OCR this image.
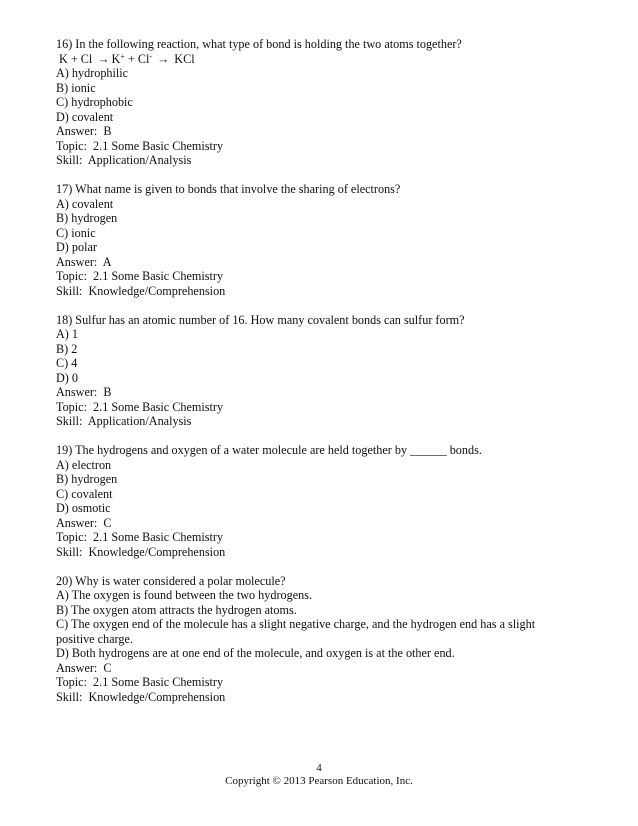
16) In the following reaction, what type of bond is holding the two atoms together?

K + Cl → K+ + Cl- → KCl

A) hydrophilic

B) ionic

C) hydrophobic

D) covalent

Answer:  B

Topic:  2.1 Some Basic Chemistry

Skill:  Application/Analysis

17) What name is given to bonds that involve the sharing of electrons?

A) covalent

B) hydrogen

C) ionic

D) polar

Answer:  A

Topic:  2.1 Some Basic Chemistry

Skill:  Knowledge/Comprehension

18) Sulfur has an atomic number of 16. How many covalent bonds can sulfur form?

A) 1

B) 2

C) 4

D) 0

Answer:  B

Topic:  2.1 Some Basic Chemistry

Skill:  Application/Analysis

19) The hydrogens and oxygen of a water molecule are held together by ______ bonds.

A) electron

B) hydrogen

C) covalent

D) osmotic

Answer:  C

Topic:  2.1 Some Basic Chemistry

Skill:  Knowledge/Comprehension

20) Why is water considered a polar molecule?

A) The oxygen is found between the two hydrogens.

B) The oxygen atom attracts the hydrogen atoms.

C) The oxygen end of the molecule has a slight negative charge, and the hydrogen end has a slight

positive charge.

D) Both hydrogens are at one end of the molecule, and oxygen is at the other end.

Answer:  C

Topic:  2.1 Some Basic Chemistry

Skill:  Knowledge/Comprehension

4
Copyright © 2013 Pearson Education, Inc.
